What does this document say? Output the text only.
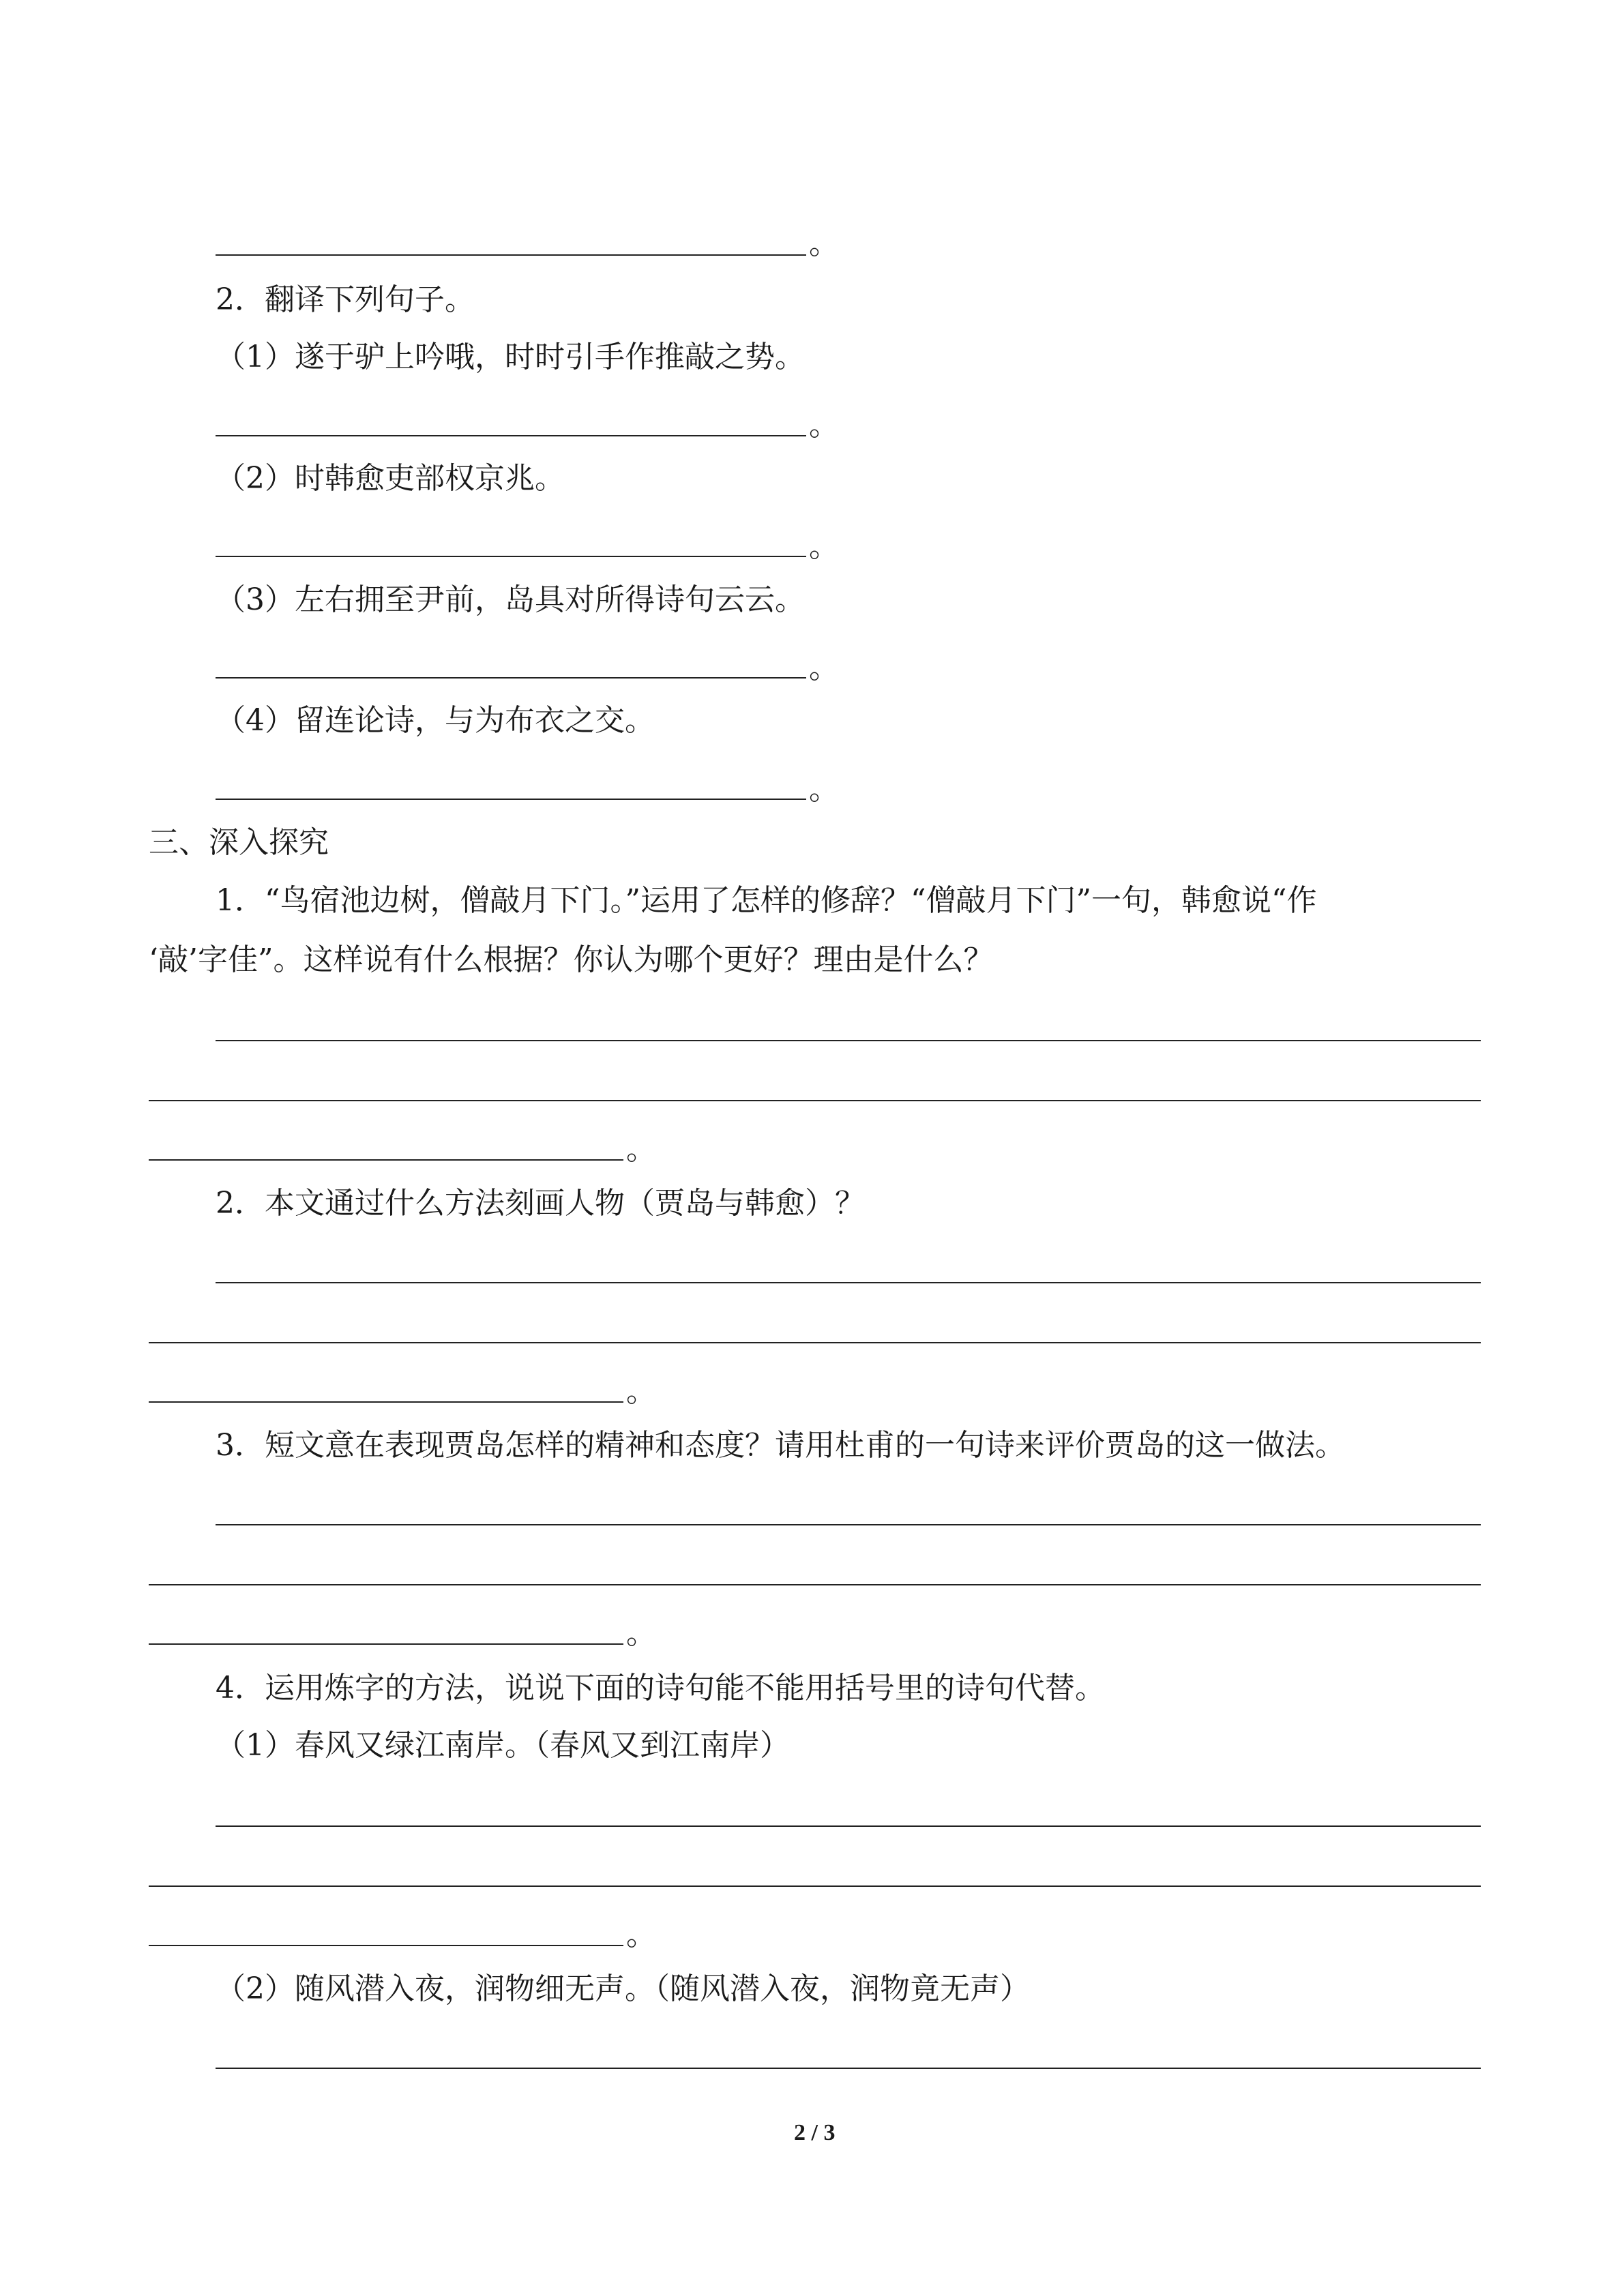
。
2．翻译下列句子。
（1）遂于驴上吟哦，时时引手作推敲之势。
。
（2）时韩愈吏部权京兆。
。
（3）左右拥至尹前，岛具对所得诗句云云。
。
（4）留连论诗，与为布衣之交。
。
三、深入探究
1．“鸟宿池边树，僧敲月下门。”运用了怎样的修辞？“僧敲月下门”一句，韩愈说“作
‘敲’字佳”。这样说有什么根据？你认为哪个更好？理由是什么？
。
2．本文通过什么方法刻画人物（贾岛与韩愈）？
。
3．短文意在表现贾岛怎样的精神和态度？请用杜甫的一句诗来评价贾岛的这一做法。
。
4．运用炼字的方法，说说下面的诗句能不能用括号里的诗句代替。
（1）春风又绿江南岸。（春风又到江南岸）
。
（2）随风潜入夜，润物细无声。（随风潜入夜，润物竟无声）
2 / 3
